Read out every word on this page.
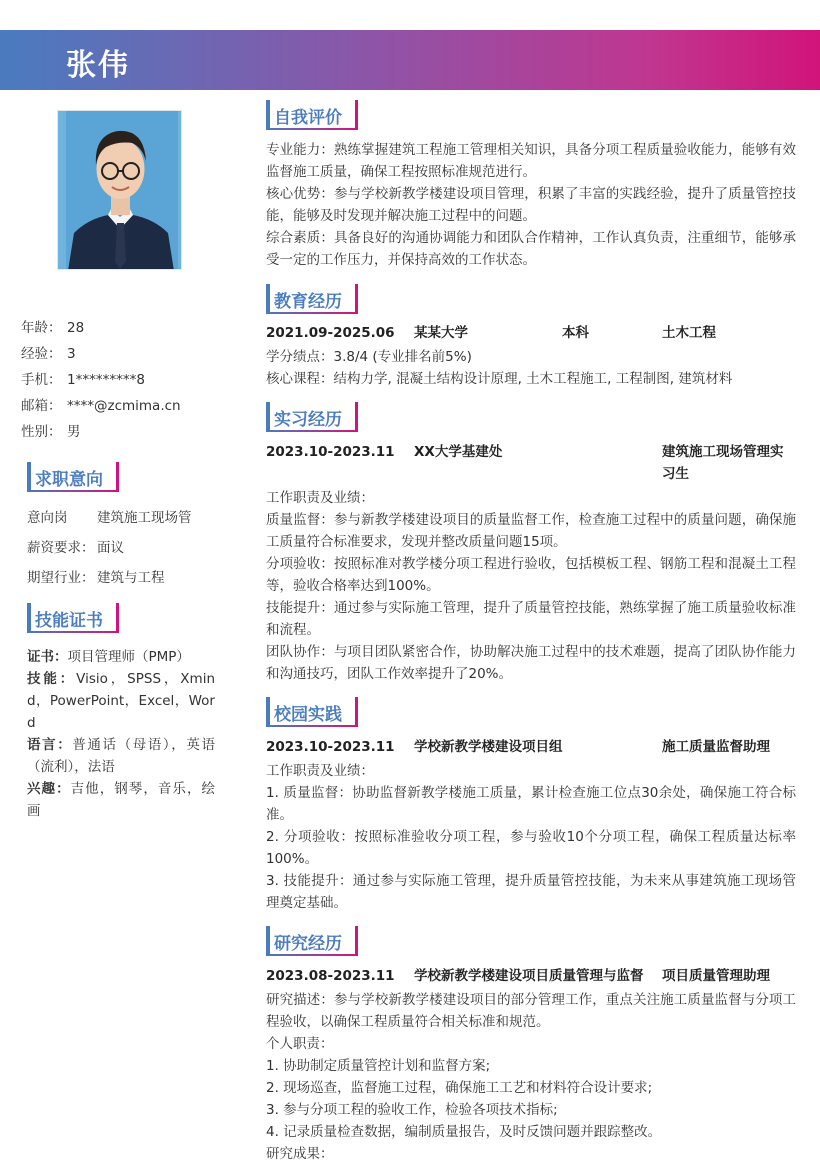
张伟
年龄： 28
经验： 3
手机： 1*********8
邮箱： ****@zcmima.cn
性别： 男
求职意向
意向岗 建筑施工现场管
薪资要求： 面议
期望行业： 建筑与工程
技能证书

证书：项目管理师（PMP）

技能：Visio，SPSS，Xmind，PowerPoint，Excel，Word

语言：普通话（母语），英语（流利），法语

兴趣：吉他，钢琴，音乐，绘画

自我评价

专业能力：熟练掌握建筑工程施工管理相关知识，具备分项工程质量验收能力，能够有效监督施工质量，确保工程按照标准规范进行。

核心优势：参与学校新教学楼建设项目管理，积累了丰富的实践经验，提升了质量管控技能，能够及时发现并解决施工过程中的问题。

综合素质：具备良好的沟通协调能力和团队合作精神，工作认真负责，注重细节，能够承受一定的工作压力，并保持高效的工作状态。

教育经历
2021.09-2025.06 某某大学	本科	土木工程

学分绩点：3.8/4 (专业排名前5%)

核心课程：结构力学, 混凝土结构设计原理, 土木工程施工, 工程制图, 建筑材料

实习经历
2023.10-2023.11 XX大学基建处	建筑施工现场管理实习生

工作职责及业绩：

质量监督：参与新教学楼建设项目的质量监督工作，检查施工过程中的质量问题，确保施工质量符合标准要求，发现并整改质量问题15项。

分项验收：按照标准对教学楼分项工程进行验收，包括模板工程、钢筋工程和混凝土工程等，验收合格率达到100%。

技能提升：通过参与实际施工管理，提升了质量管控技能，熟练掌握了施工质量验收标准和流程。

团队协作：与项目团队紧密合作，协助解决施工过程中的技术难题，提高了团队协作能力和沟通技巧，团队工作效率提升了20%。

校园实践
2023.10-2023.11 学校新教学楼建设项目组	施工质量监督助理

工作职责及业绩：

1. 质量监督：协助监督新教学楼施工质量，累计检查施工位点30余处，确保施工符合标准。

2. 分项验收：按照标准验收分项工程，参与验收10个分项工程，确保工程质量达标率100%。

3. 技能提升：通过参与实际施工管理，提升质量管控技能，为未来从事建筑施工现场管理奠定基础。

研究经历
2023.08-2023.11 学校新教学楼建设项目质量管理与监督 项目质量管理助理

研究描述：参与学校新教学楼建设项目的部分管理工作，重点关注施工质量监督与分项工程验收，以确保工程质量符合相关标准和规范。

个人职责：

1. 协助制定质量管控计划和监督方案;

2. 现场巡查，监督施工过程，确保施工工艺和材料符合设计要求;

3. 参与分项工程的验收工作，检验各项技术指标;

4. 记录质量检查数据，编制质量报告，及时反馈问题并跟踪整改。

研究成果：
